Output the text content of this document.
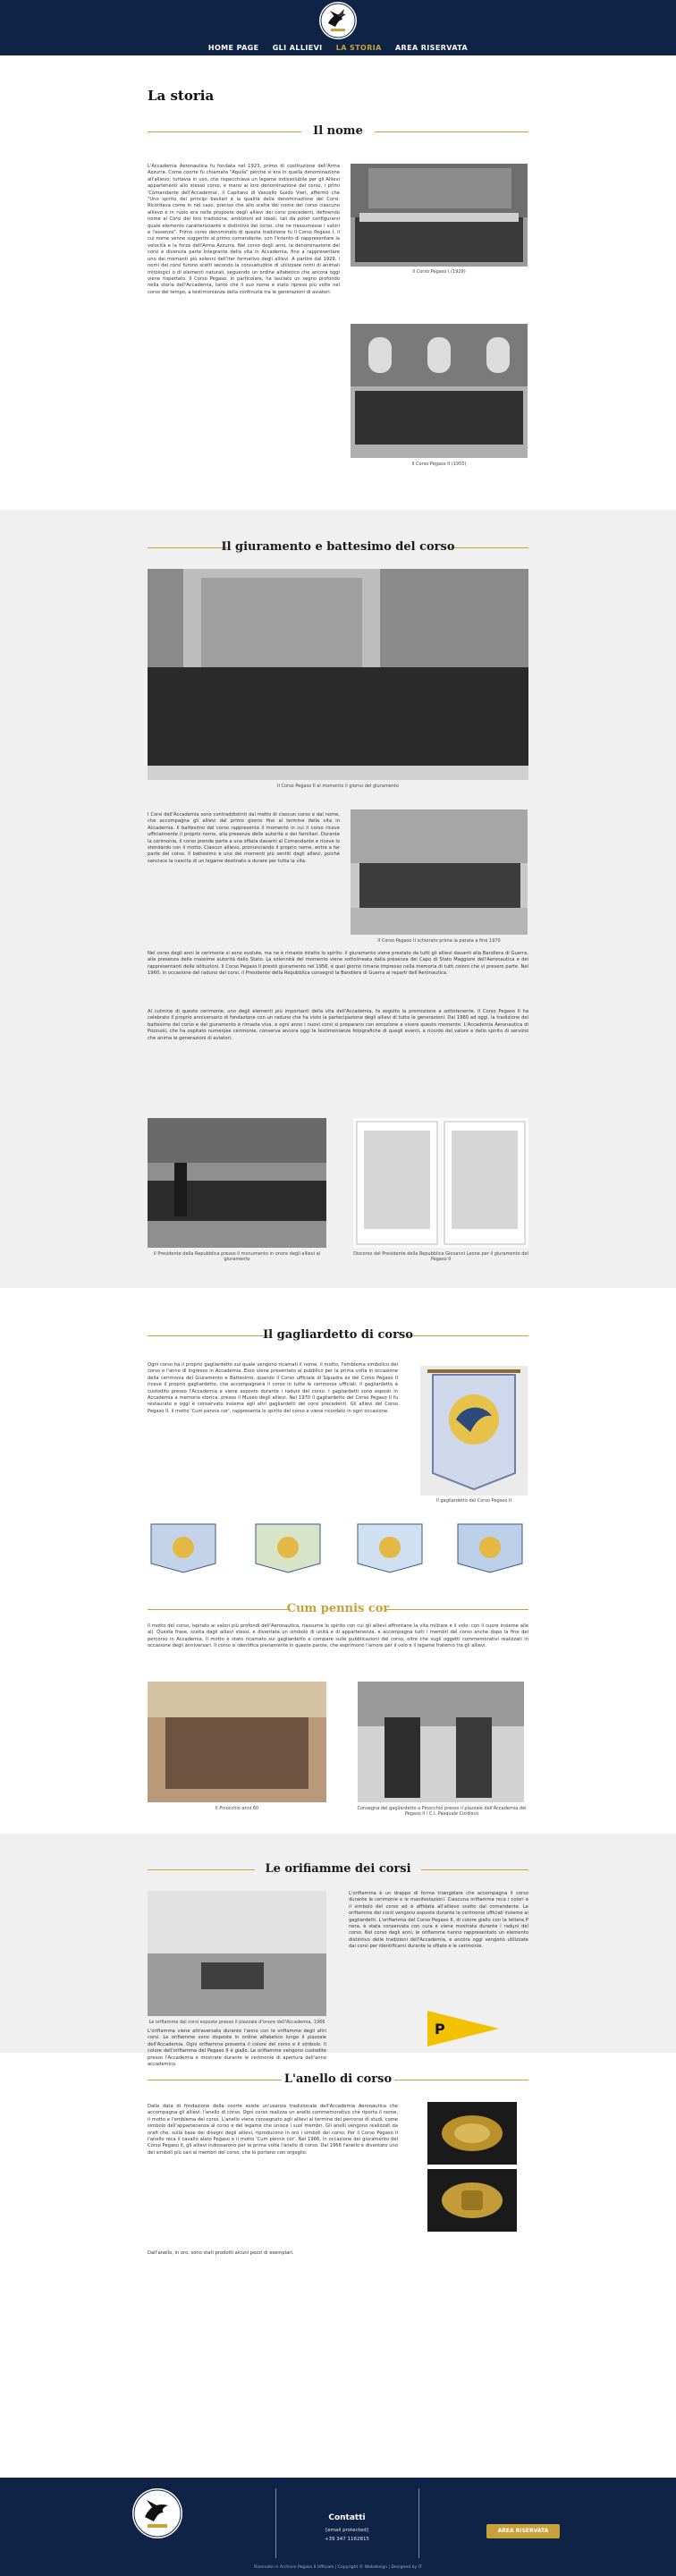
HOME PAGE GLI ALLIEVI LA STORIA AREA RISERVATA
La storia
Il nome
L'Accademia Aeronautica fu fondata nel 1923, primo di costituzione dell'Arma Azzurra. Come coorte fu chiamata "Aquila" perché si era in quella denominazione all'allievo; tuttavia in uso, che rispecchiava un legame indissolubile per gli Allievi appartenenti allo stesso corso, e mano ai loro denominazione del corso, i primi 'Comandante dell'Accademia', il Capitano di Vascello Guido Vieri, affermò che "Uno spirito dei principi basilari è la qualità della denominazione dei Corsi. Ricordava come in nel caso, preciso che allo scelta del nome del corso ciascuno allievo e in ruolo era nelle proposte degli allievi dei corsi precedenti, definendo nome ai Corsi dei loro tradizione, ambizioni ed ideali, tali da poter configurarsi quale elemento caratterizzante e distintivo del corso, che ne riassumesse i valori e l'essenza". Primo corso denominato di questa tradizione fu il Corso Pegaso I, il cui nome venne suggerito al primo comandante, con l'intento di rappresentare la velocità e la forza dell'Arma Azzurra. Nel corso degli anni, la denominazione dei corsi è divenuta parte integrante della vita in Accademia, fino a rappresentare uno dei momenti più solenni dell'iter formativo degli allievi. A partire dal 1929, i nomi dei corsi furono scelti secondo la consuetudine di utilizzare nomi di animali mitologici o di elementi naturali, seguendo un ordine alfabetico che ancora oggi viene rispettato. Il Corso Pegaso, in particolare, ha lasciato un segno profondo nella storia dell'Accademia, tanto che il suo nome è stato ripreso più volte nel corso del tempo, a testimonianza della continuità tra le generazioni di aviatori.
Il Corso Pegaso I (1929)
Il Corso Pegaso II (1955)
Il giuramento e battesimo del corso
Il Corso Pegaso II al momento il giorno del giuramento
I Corsi dell'Accademia sono contraddistinti dal motto di ciascun corso e dal nome, che accompagna gli allievi dal primo giorno fino al termine della vita in Accademia. Il battesimo del corso rappresenta il momento in cui il corso riceve ufficialmente il proprio nome, alla presenza delle autorità e dei familiari. Durante la cerimonia, il corso prende parte a una sfilata davanti al Comandante e riceve lo stendardo con il motto. Ciascun allievo, pronunciando il proprio nome, entra a far parte del corso. Il battesimo è uno dei momenti più sentiti dagli allievi, poiché sancisce la nascita di un legame destinato a durare per tutta la vita.
Il Corso Pegaso II schierato prima la parata a fine 1970
Nel corso degli anni le cerimonie si sono evolute, ma ne è rimasto intatto lo spirito: il giuramento viene prestato da tutti gli allievi davanti alla Bandiera di Guerra, alla presenza delle massime autorità dello Stato. La solennità del momento viene sottolineata dalla presenza del Capo di Stato Maggiore dell'Aeronautica e dei rappresentanti delle istituzioni. Il Corso Pegaso II prestò giuramento nel 1956, e quel giorno rimane impresso nella memoria di tutti coloro che vi presero parte. Nel 1960, in occasione del raduno dei corsi, il Presidente della Repubblica consegnò la Bandiera di Guerra ai reparti dell'Aeronautica.
Al culmine di queste cerimonie, uno degli elementi più importanti della vita dell'Accademia, fa seguito la promozione a sottotenente. Il Corso Pegaso II ha celebrato il proprio anniversario di fondazione con un raduno che ha visto la partecipazione degli allievi di tutte le generazioni. Dal 1960 ad oggi, la tradizione del battesimo del corso e del giuramento è rimasta viva, e ogni anno i nuovi corsi si preparano con emozione a vivere questo momento. L'Accademia Aeronautica di Pozzuoli, che ha ospitato numerose cerimonie, conserva ancora oggi le testimonianze fotografiche di quegli eventi, a ricordo del valore e dello spirito di servizio che anima le generazioni di aviatori.
Il Presidente della Repubblica presso il monumento in onore degli allievi al giuramento
Discorso del Presidente della Repubblica Giovanni Leone per il giuramento del Pegaso II
Il gagliardetto di corso
Ogni corso ha il proprio gagliardetto sul quale vengono ricamati il nome, il motto, l'emblema simbolico del corso e l'anno di ingresso in Accademia. Esso viene presentato al pubblico per la prima volta in occasione della cerimonia del Giuramento e Battesimo, quando il Corso ufficiale di Squadra as del Corso Pegaso II riceve il proprio gagliardetto, che accompagnerà il corso in tutte le cerimonie ufficiali. Il gagliardetto è custodito presso l'Accademia e viene esposto durante i raduni del corso. I gagliardetti sono esposti in Accademia a memoria storica, presso il Museo degli allievi. Nel 1970 il gagliardetto del Corso Pegaso II fu restaurato e oggi è conservato insieme agli altri gagliardetti dei corsi precedenti. Gli allievi del Corso Pegaso II, il motto 'Cum pennis cor', rappresenta lo spirito del corso e viene ricordato in ogni occasione.
Il gagliardetto del Corso Pegaso II
Cum pennis cor
Il motto del corso, ispirato ai valori più profondi dell'Aeronautica, riassume lo spirito con cui gli allievi affrontano la vita militare e il volo: con il cuore insieme alle ali. Questa frase, scelta dagli allievi stessi, è diventata un simbolo di unità e di appartenenza, e accompagna tutti i membri del corso anche dopo la fine del percorso in Accademia. Il motto è stato ricamato sul gagliardetto e compare sulle pubblicazioni del corso, oltre che sugli oggetti commemorativi realizzati in occasione degli anniversari. Il corso si identifica pienamente in queste parole, che esprimono l'amore per il volo e il legame fraterno tra gli allievi.
Il Pinocchio anni 60	Consegna del gagliardetto a Pinocchio presso il piazzale dell'Accademia del Pegaso II / C.I. Pasquale Cordisco
Le orifiamme dei corsi
Le orifiamme dei corsi esposte presso il piazzale d'onore dell'Accademia, 1966
L'orifiamma è un drappo di forma triangolare che accompagna il corso durante le cerimonie e le manifestazioni. Ciascuna orifiamma reca i colori e il simbolo del corso ed è affidata all'allievo scelto dal comandante. Le orifiamme dei corsi vengono esposte durante le cerimonie ufficiali insieme ai gagliardetti. L'orifiamma del Corso Pegaso II, di colore giallo con la lettera P nera, è stata conservata con cura e viene mostrata durante i raduni del corso. Nel corso degli anni, le orifiamme hanno rappresentato un elemento distintivo delle tradizioni dell'Accademia, e ancora oggi vengono utilizzate dai corsi per identificarsi durante le sfilate e le cerimonie.
L'orifiamma viene attraversata durante l'anno con le orifiamme degli altri corsi. Le orifiamme sono disposte in ordine alfabetico lungo il piazzale dell'Accademia. Ogni orifiamma presenta il colore del corso e il simbolo. Il colore dell'orifiamma del Pegaso II è giallo. Le orifiamme vengono custodite presso l'Accademia e mostrate durante le cerimonie di apertura dell'anno accademico.
P
L'anello di corso
Dalla data di fondazione della coorte esiste un'usanza tradizionale dell'Accademia Aeronautica che accompagna gli allievi: l'anello di corso. Ogni corso realizza un anello commemorativo che riporta il nome, il motto e l'emblema del corso. L'anello viene consegnato agli allievi al termine del percorso di studi, come simbolo dell'appartenenza al corso e del legame che unisce i suoi membri. Gli anelli vengono realizzati da orafi che, sulla base dei disegni degli allievi, riproducono in oro i simboli del corso. Per il Corso Pegaso II l'anello reca il cavallo alato Pegaso e il motto 'Cum pennis cor'. Nel 1966, in occasione del giuramento del Corso Pegaso II, gli allievi indossarono per la prima volta l'anello di corso. Dal 1966 l'anello è diventato uno dei simboli più cari ai membri del corso, che lo portano con orgoglio.
Dall'anello, in oro, sono stati prodotti alcuni pezzi di esemplari.
Contatti
[email protected]
+39 347 1162815
AREA RISERVATA
Riservato in Archivio Pegaso II Ufficiale | Copyright © Webdesign | Designed by IT
